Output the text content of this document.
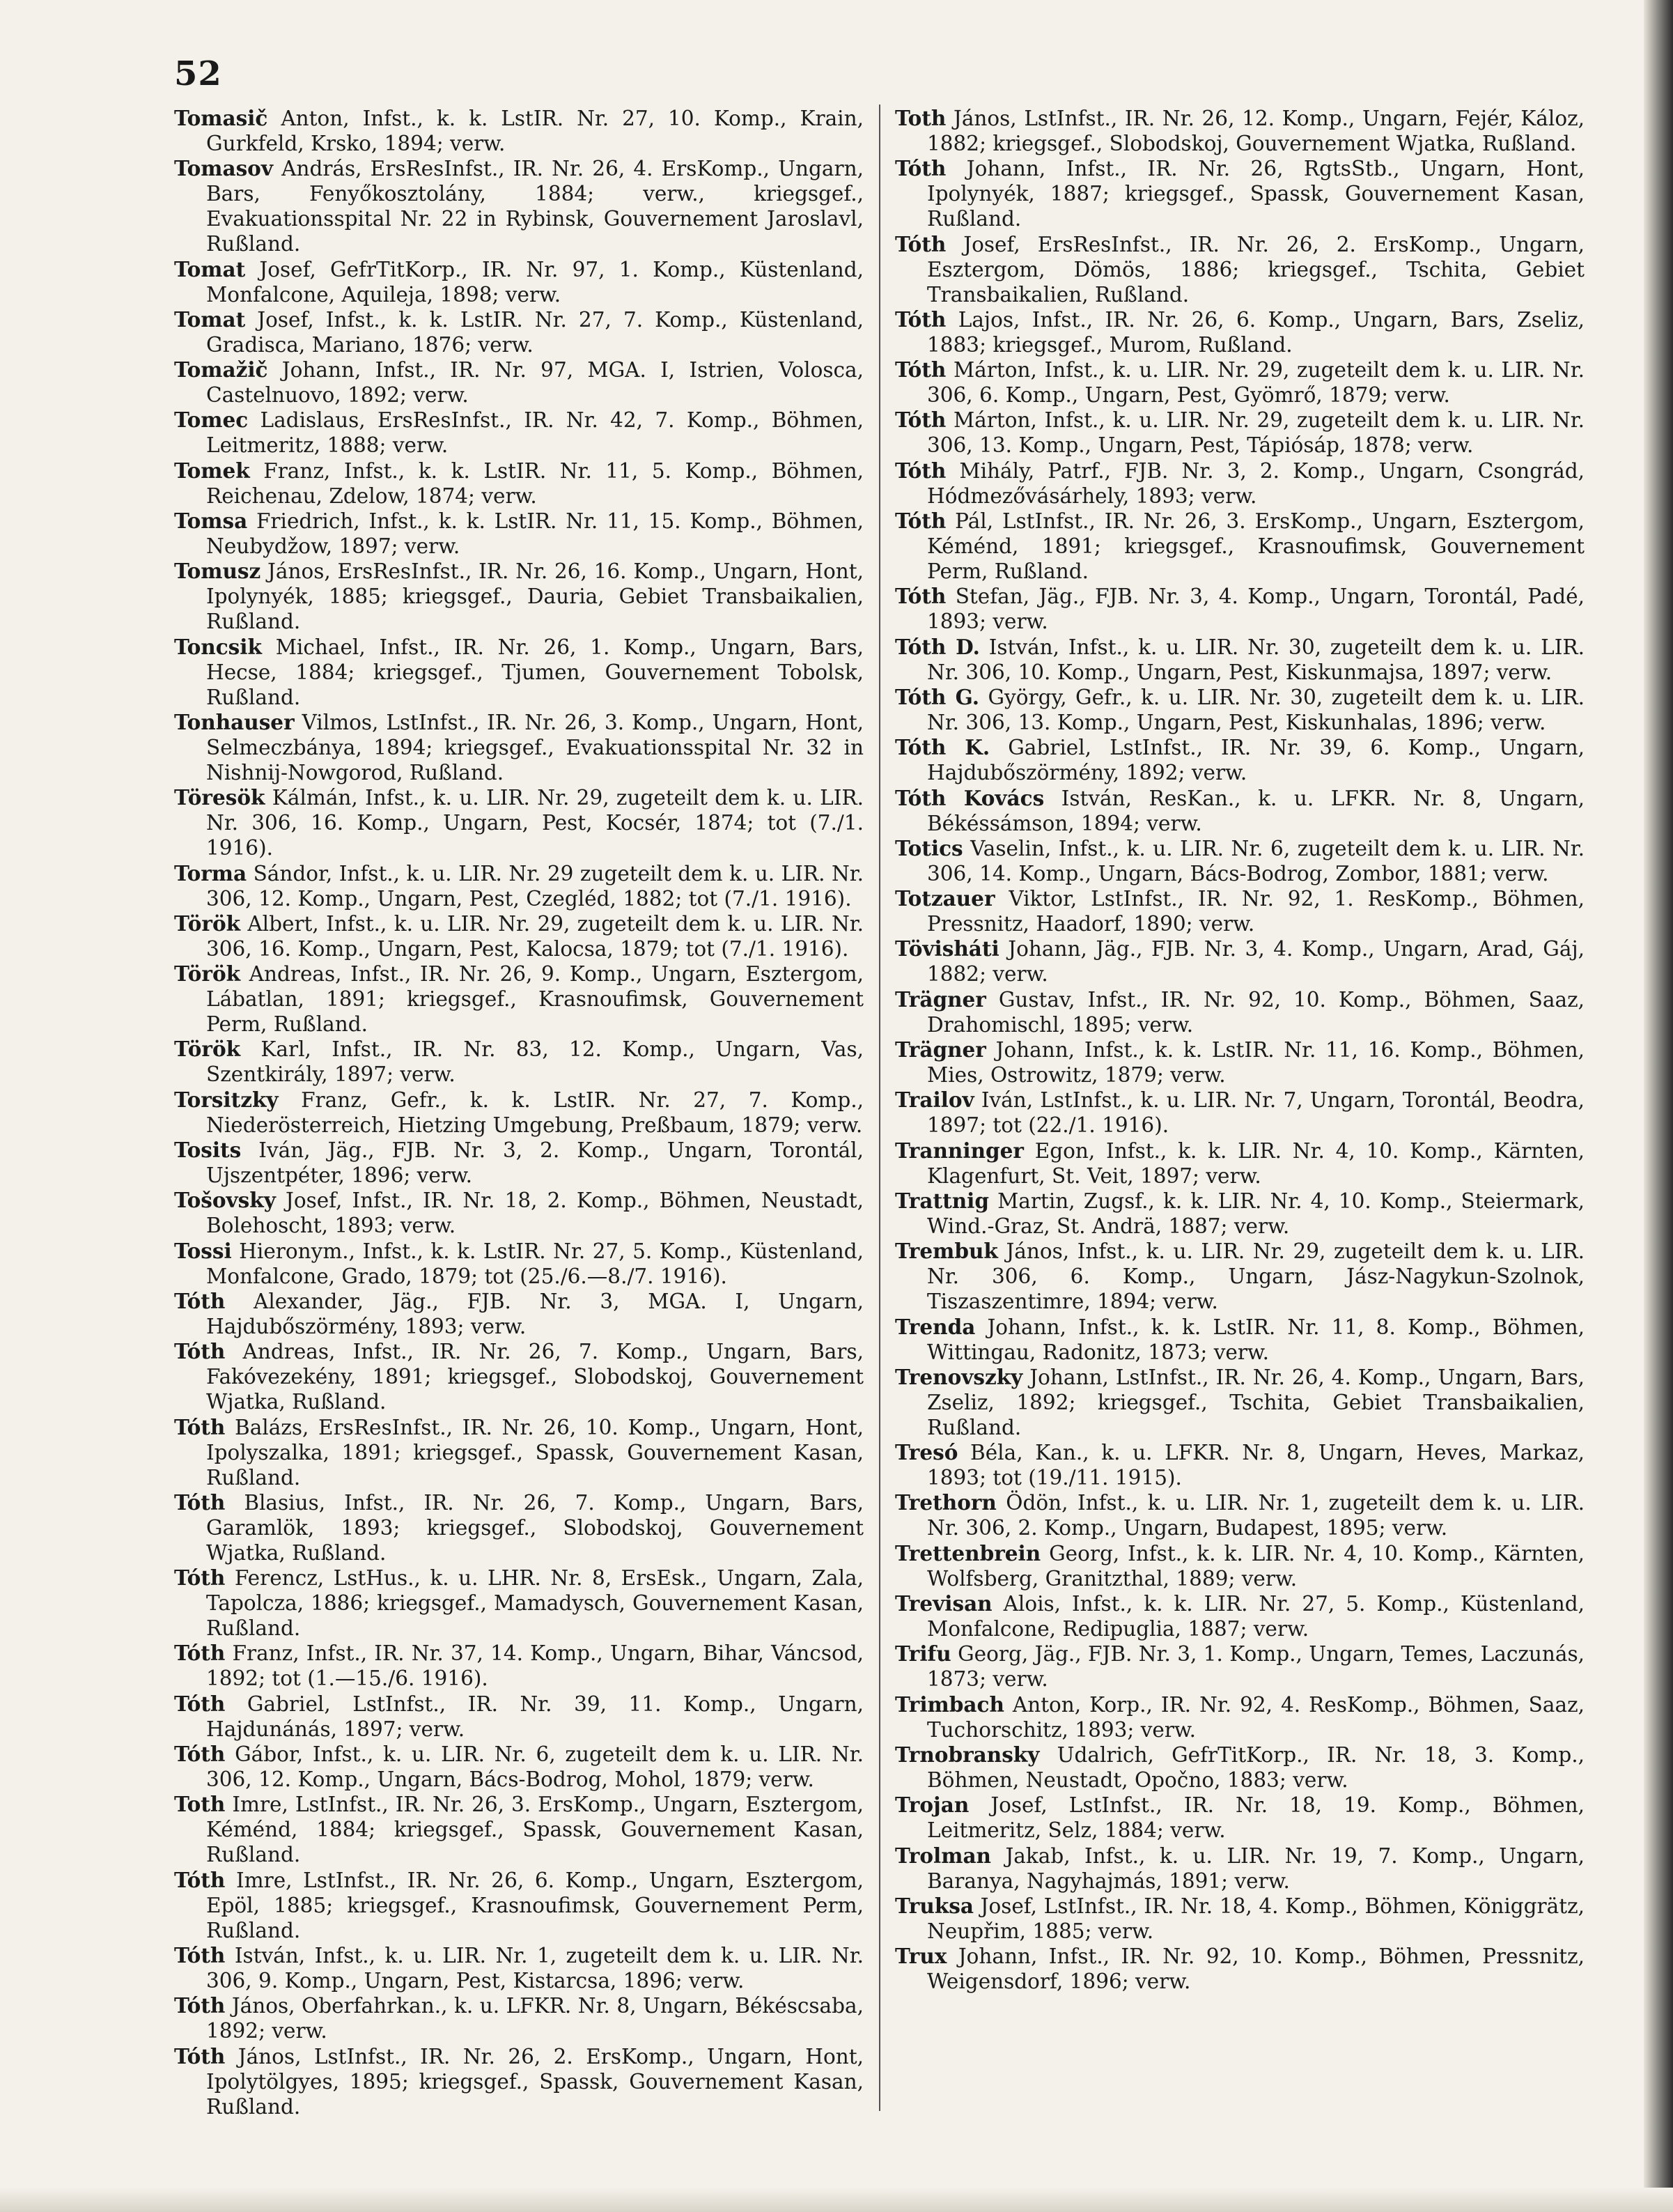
52

Tomasič Anton, Infst., k. k. LstIR. Nr. 27, 10. Komp., Krain, Gurkfeld, Krsko, 1894; verw.

Tomasov András, ErsResInfst., IR. Nr. 26, 4. ErsKomp., Ungarn, Bars, Fenyőkosztolány, 1884; verw., kriegsgef., Evakuationsspital Nr. 22 in Rybinsk, Gouvernement Jaroslavl, Rußland.

Tomat Josef, GefrTitKorp., IR. Nr. 97, 1. Komp., Küstenland, Monfalcone, Aquileja, 1898; verw.

Tomat Josef, Infst., k. k. LstIR. Nr. 27, 7. Komp., Küstenland, Gradisca, Mariano, 1876; verw.

Tomažič Johann, Infst., IR. Nr. 97, MGA. I, Istrien, Volosca, Castelnuovo, 1892; verw.

Tomec Ladislaus, ErsResInfst., IR. Nr. 42, 7. Komp., Böhmen, Leitmeritz, 1888; verw.

Tomek Franz, Infst., k. k. LstIR. Nr. 11, 5. Komp., Böhmen, Reichenau, Zdelow, 1874; verw.

Tomsa Friedrich, Infst., k. k. LstIR. Nr. 11, 15. Komp., Böhmen, Neubydžow, 1897; verw.

Tomusz János, ErsResInfst., IR. Nr. 26, 16. Komp., Ungarn, Hont, Ipolynyék, 1885; kriegsgef., Dauria, Gebiet Transbaikalien, Rußland.

Toncsik Michael, Infst., IR. Nr. 26, 1. Komp., Ungarn, Bars, Hecse, 1884; kriegsgef., Tjumen, Gouvernement Tobolsk, Rußland.

Tonhauser Vilmos, LstInfst., IR. Nr. 26, 3. Komp., Ungarn, Hont, Selmeczbánya, 1894; kriegsgef., Evakuationsspital Nr. 32 in Nishnij-Nowgorod, Rußland.

Töresök Kálmán, Infst., k. u. LIR. Nr. 29, zugeteilt dem k. u. LIR. Nr. 306, 16. Komp., Ungarn, Pest, Kocsér, 1874; tot (7./1. 1916).

Torma Sándor, Infst., k. u. LIR. Nr. 29 zugeteilt dem k. u. LIR. Nr. 306, 12. Komp., Ungarn, Pest, Czegléd, 1882; tot (7./1. 1916).

Török Albert, Infst., k. u. LIR. Nr. 29, zugeteilt dem k. u. LIR. Nr. 306, 16. Komp., Ungarn, Pest, Kalocsa, 1879; tot (7./1. 1916).

Török Andreas, Infst., IR. Nr. 26, 9. Komp., Ungarn, Esztergom, Lábatlan, 1891; kriegsgef., Krasnoufimsk, Gouvernement Perm, Rußland.

Török Karl, Infst., IR. Nr. 83, 12. Komp., Ungarn, Vas, Szentkirály, 1897; verw.

Torsitzky Franz, Gefr., k. k. LstIR. Nr. 27, 7. Komp., Niederösterreich, Hietzing Umgebung, Preßbaum, 1879; verw.

Tosits Iván, Jäg., FJB. Nr. 3, 2. Komp., Ungarn, Torontál, Ujszentpéter, 1896; verw.

Tošovsky Josef, Infst., IR. Nr. 18, 2. Komp., Böhmen, Neustadt, Bolehoscht, 1893; verw.

Tossi Hieronym., Infst., k. k. LstIR. Nr. 27, 5. Komp., Küstenland, Monfalcone, Grado, 1879; tot (25./6.—8./7. 1916).

Tóth Alexander, Jäg., FJB. Nr. 3, MGA. I, Ungarn, Hajdubőszörmény, 1893; verw.

Tóth Andreas, Infst., IR. Nr. 26, 7. Komp., Ungarn, Bars, Fakóvezekény, 1891; kriegsgef., Slobodskoj, Gouvernement Wjatka, Rußland.

Tóth Balázs, ErsResInfst., IR. Nr. 26, 10. Komp., Ungarn, Hont, Ipolyszalka, 1891; kriegsgef., Spassk, Gouvernement Kasan, Rußland.

Tóth Blasius, Infst., IR. Nr. 26, 7. Komp., Ungarn, Bars, Garamlök, 1893; kriegsgef., Slobodskoj, Gouvernement Wjatka, Rußland.

Tóth Ferencz, LstHus., k. u. LHR. Nr. 8, ErsEsk., Ungarn, Zala, Tapolcza, 1886; kriegsgef., Mamadysch, Gouvernement Kasan, Rußland.

Tóth Franz, Infst., IR. Nr. 37, 14. Komp., Ungarn, Bihar, Váncsod, 1892; tot (1.—15./6. 1916).

Tóth Gabriel, LstInfst., IR. Nr. 39, 11. Komp., Ungarn, Hajdunánás, 1897; verw.

Tóth Gábor, Infst., k. u. LIR. Nr. 6, zugeteilt dem k. u. LIR. Nr. 306, 12. Komp., Ungarn, Bács-Bodrog, Mohol, 1879; verw.

Toth Imre, LstInfst., IR. Nr. 26, 3. ErsKomp., Ungarn, Esztergom, Kéménd, 1884; kriegsgef., Spassk, Gouvernement Kasan, Rußland.

Tóth Imre, LstInfst., IR. Nr. 26, 6. Komp., Ungarn, Esztergom, Epöl, 1885; kriegsgef., Krasnoufimsk, Gouvernement Perm, Rußland.

Tóth István, Infst., k. u. LIR. Nr. 1, zugeteilt dem k. u. LIR. Nr. 306, 9. Komp., Ungarn, Pest, Kistarcsa, 1896; verw.

Tóth János, Oberfahrkan., k. u. LFKR. Nr. 8, Ungarn, Békéscsaba, 1892; verw.

Tóth János, LstInfst., IR. Nr. 26, 2. ErsKomp., Ungarn, Hont, Ipolytölgyes, 1895; kriegsgef., Spassk, Gouvernement Kasan, Rußland.

Toth János, LstInfst., IR. Nr. 26, 12. Komp., Ungarn, Fejér, Káloz, 1882; kriegsgef., Slobodskoj, Gouvernement Wjatka, Rußland.

Tóth Johann, Infst., IR. Nr. 26, RgtsStb., Ungarn, Hont, Ipolynyék, 1887; kriegsgef., Spassk, Gouvernement Kasan, Rußland.

Tóth Josef, ErsResInfst., IR. Nr. 26, 2. ErsKomp., Ungarn, Esztergom, Dömös, 1886; kriegsgef., Tschita, Gebiet Transbaikalien, Rußland.

Tóth Lajos, Infst., IR. Nr. 26, 6. Komp., Ungarn, Bars, Zseliz, 1883; kriegsgef., Murom, Rußland.

Tóth Márton, Infst., k. u. LIR. Nr. 29, zugeteilt dem k. u. LIR. Nr. 306, 6. Komp., Ungarn, Pest, Gyömrő, 1879; verw.

Tóth Márton, Infst., k. u. LIR. Nr. 29, zugeteilt dem k. u. LIR. Nr. 306, 13. Komp., Ungarn, Pest, Tápiósáp, 1878; verw.

Tóth Mihály, Patrf., FJB. Nr. 3, 2. Komp., Ungarn, Csongrád, Hódmezővásárhely, 1893; verw.

Tóth Pál, LstInfst., IR. Nr. 26, 3. ErsKomp., Ungarn, Esztergom, Kéménd, 1891; kriegsgef., Krasnoufimsk, Gouvernement Perm, Rußland.

Tóth Stefan, Jäg., FJB. Nr. 3, 4. Komp., Ungarn, Torontál, Padé, 1893; verw.

Tóth D. István, Infst., k. u. LIR. Nr. 30, zugeteilt dem k. u. LIR. Nr. 306, 10. Komp., Ungarn, Pest, Kiskunmajsa, 1897; verw.

Tóth G. György, Gefr., k. u. LIR. Nr. 30, zugeteilt dem k. u. LIR. Nr. 306, 13. Komp., Ungarn, Pest, Kiskunhalas, 1896; verw.

Tóth K. Gabriel, LstInfst., IR. Nr. 39, 6. Komp., Ungarn, Hajdubőszörmény, 1892; verw.

Tóth Kovács István, ResKan., k. u. LFKR. Nr. 8, Ungarn, Békéssámson, 1894; verw.

Totics Vaselin, Infst., k. u. LIR. Nr. 6, zugeteilt dem k. u. LIR. Nr. 306, 14. Komp., Ungarn, Bács-Bodrog, Zombor, 1881; verw.

Totzauer Viktor, LstInfst., IR. Nr. 92, 1. ResKomp., Böhmen, Pressnitz, Haadorf, 1890; verw.

Tövisháti Johann, Jäg., FJB. Nr. 3, 4. Komp., Ungarn, Arad, Gáj, 1882; verw.

Trägner Gustav, Infst., IR. Nr. 92, 10. Komp., Böhmen, Saaz, Drahomischl, 1895; verw.

Trägner Johann, Infst., k. k. LstIR. Nr. 11, 16. Komp., Böhmen, Mies, Ostrowitz, 1879; verw.

Trailov Iván, LstInfst., k. u. LIR. Nr. 7, Ungarn, Torontál, Beodra, 1897; tot (22./1. 1916).

Tranninger Egon, Infst., k. k. LIR. Nr. 4, 10. Komp., Kärnten, Klagenfurt, St. Veit, 1897; verw.

Trattnig Martin, Zugsf., k. k. LIR. Nr. 4, 10. Komp., Steiermark, Wind.-Graz, St. Andrä, 1887; verw.

Trembuk János, Infst., k. u. LIR. Nr. 29, zugeteilt dem k. u. LIR. Nr. 306, 6. Komp., Ungarn, Jász-Nagykun-Szolnok, Tiszaszentimre, 1894; verw.

Trenda Johann, Infst., k. k. LstIR. Nr. 11, 8. Komp., Böhmen, Wittingau, Radonitz, 1873; verw.

Trenovszky Johann, LstInfst., IR. Nr. 26, 4. Komp., Ungarn, Bars, Zseliz, 1892; kriegsgef., Tschita, Gebiet Transbaikalien, Rußland.

Tresó Béla, Kan., k. u. LFKR. Nr. 8, Ungarn, Heves, Markaz, 1893; tot (19./11. 1915).

Trethorn Ödön, Infst., k. u. LIR. Nr. 1, zugeteilt dem k. u. LIR. Nr. 306, 2. Komp., Ungarn, Budapest, 1895; verw.

Trettenbrein Georg, Infst., k. k. LIR. Nr. 4, 10. Komp., Kärnten, Wolfsberg, Granitzthal, 1889; verw.

Trevisan Alois, Infst., k. k. LIR. Nr. 27, 5. Komp., Küstenland, Monfalcone, Redipuglia, 1887; verw.

Trifu Georg, Jäg., FJB. Nr. 3, 1. Komp., Ungarn, Temes, Laczunás, 1873; verw.

Trimbach Anton, Korp., IR. Nr. 92, 4. ResKomp., Böhmen, Saaz, Tuchorschitz, 1893; verw.

Trnobransky Udalrich, GefrTitKorp., IR. Nr. 18, 3. Komp., Böhmen, Neustadt, Opočno, 1883; verw.

Trojan Josef, LstInfst., IR. Nr. 18, 19. Komp., Böhmen, Leitmeritz, Selz, 1884; verw.

Trolman Jakab, Infst., k. u. LIR. Nr. 19, 7. Komp., Ungarn, Baranya, Nagyhajmás, 1891; verw.

Truksa Josef, LstInfst., IR. Nr. 18, 4. Komp., Böhmen, Königgrätz, Neupřim, 1885; verw.

Trux Johann, Infst., IR. Nr. 92, 10. Komp., Böhmen, Pressnitz, Weigensdorf, 1896; verw.
